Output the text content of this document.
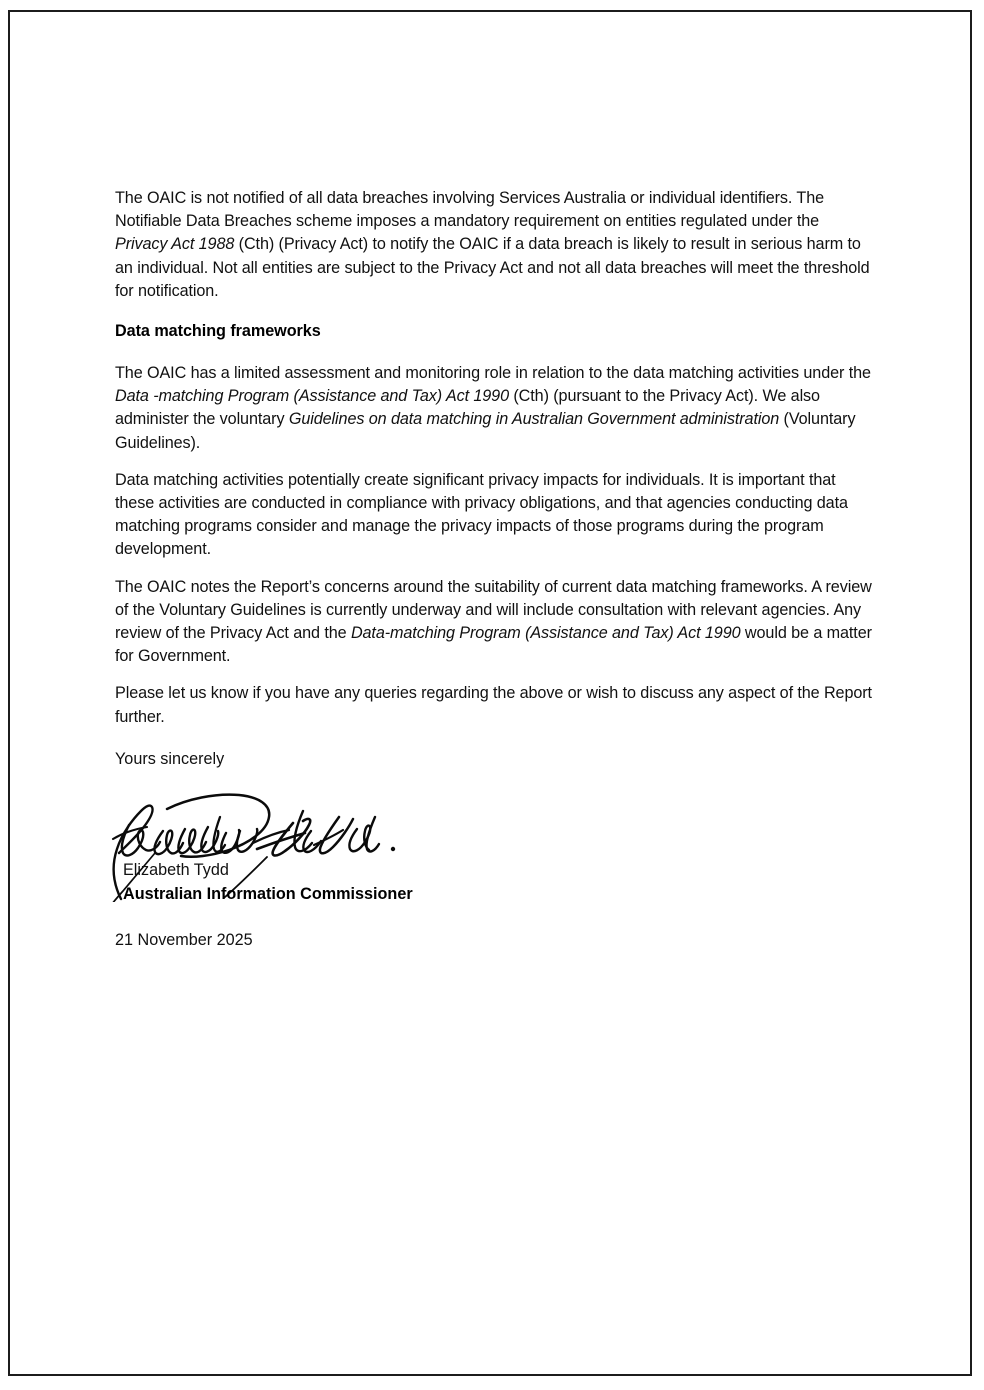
The OAIC is not notified of all data breaches involving Services Australia or individual identifiers. The Notifiable Data Breaches scheme imposes a mandatory requirement on entities regulated under the Privacy Act 1988 (Cth) (Privacy Act) to notify the OAIC if a data breach is likely to result in serious harm to an individual. Not all entities are subject to the Privacy Act and not all data breaches will meet the threshold for notification.

Data matching frameworks

The OAIC has a limited assessment and monitoring role in relation to the data matching activities under the Data -matching Program (Assistance and Tax) Act 1990 (Cth) (pursuant to the Privacy Act). We also administer the voluntary Guidelines on data matching in Australian Government administration (Voluntary Guidelines).

Data matching activities potentially create significant privacy impacts for individuals. It is important that these activities are conducted in compliance with privacy obligations, and that agencies conducting data matching programs consider and manage the privacy impacts of those programs during the program development.

The OAIC notes the Report’s concerns around the suitability of current data matching frameworks. A review of the Voluntary Guidelines is currently underway and will include consultation with relevant agencies. Any review of the Privacy Act and the Data-matching Program (Assistance and Tax) Act 1990 would be a matter for Government.

Please let us know if you have any queries regarding the above or wish to discuss any aspect of the Report further.

Yours sincerely

Elizabeth Tydd

Australian Information Commissioner

21 November 2025
